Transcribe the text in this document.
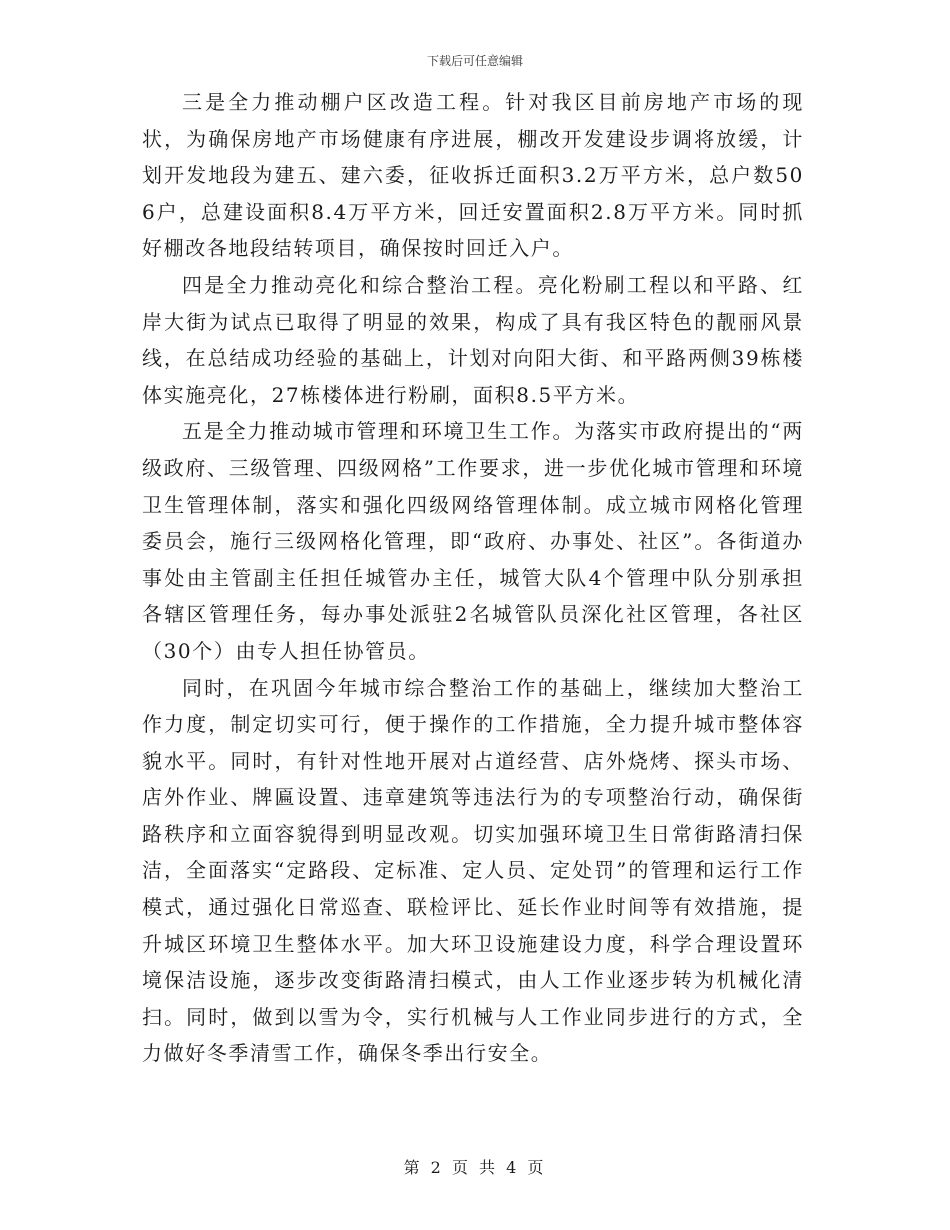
下载后可任意编辑

三是全力推动棚户区改造工程。针对我区目前房地产市场的现状，为确保房地产市场健康有序进展，棚改开发建设步调将放缓，计划开发地段为建五、建六委，征收拆迁面积3.2万平方米，总户数506户，总建设面积8.4万平方米，回迁安置面积2.8万平方米。同时抓好棚改各地段结转项目，确保按时回迁入户。

四是全力推动亮化和综合整治工程。亮化粉刷工程以和平路、红岸大街为试点已取得了明显的效果，构成了具有我区特色的靓丽风景线，在总结成功经验的基础上，计划对向阳大街、和平路两侧39栋楼体实施亮化，27栋楼体进行粉刷，面积8.5平方米。

五是全力推动城市管理和环境卫生工作。为落实市政府提出的“两级政府、三级管理、四级网格”工作要求，进一步优化城市管理和环境卫生管理体制，落实和强化四级网络管理体制。成立城市网格化管理委员会，施行三级网格化管理，即“政府、办事处、社区”。各街道办事处由主管副主任担任城管办主任，城管大队4个管理中队分别承担各辖区管理任务，每办事处派驻2名城管队员深化社区管理，各社区（30个）由专人担任协管员。

同时，在巩固今年城市综合整治工作的基础上，继续加大整治工作力度，制定切实可行，便于操作的工作措施，全力提升城市整体容貌水平。同时，有针对性地开展对占道经营、店外烧烤、探头市场、店外作业、牌匾设置、违章建筑等违法行为的专项整治行动，确保街路秩序和立面容貌得到明显改观。切实加强环境卫生日常街路清扫保洁，全面落实“定路段、定标准、定人员、定处罚”的管理和运行工作模式，通过强化日常巡查、联检评比、延长作业时间等有效措施，提升城区环境卫生整体水平。加大环卫设施建设力度，科学合理设置环境保洁设施，逐步改变街路清扫模式，由人工作业逐步转为机械化清扫。同时，做到以雪为令，实行机械与人工作业同步进行的方式，全力做好冬季清雪工作，确保冬季出行安全。

第 2 页 共 4 页
